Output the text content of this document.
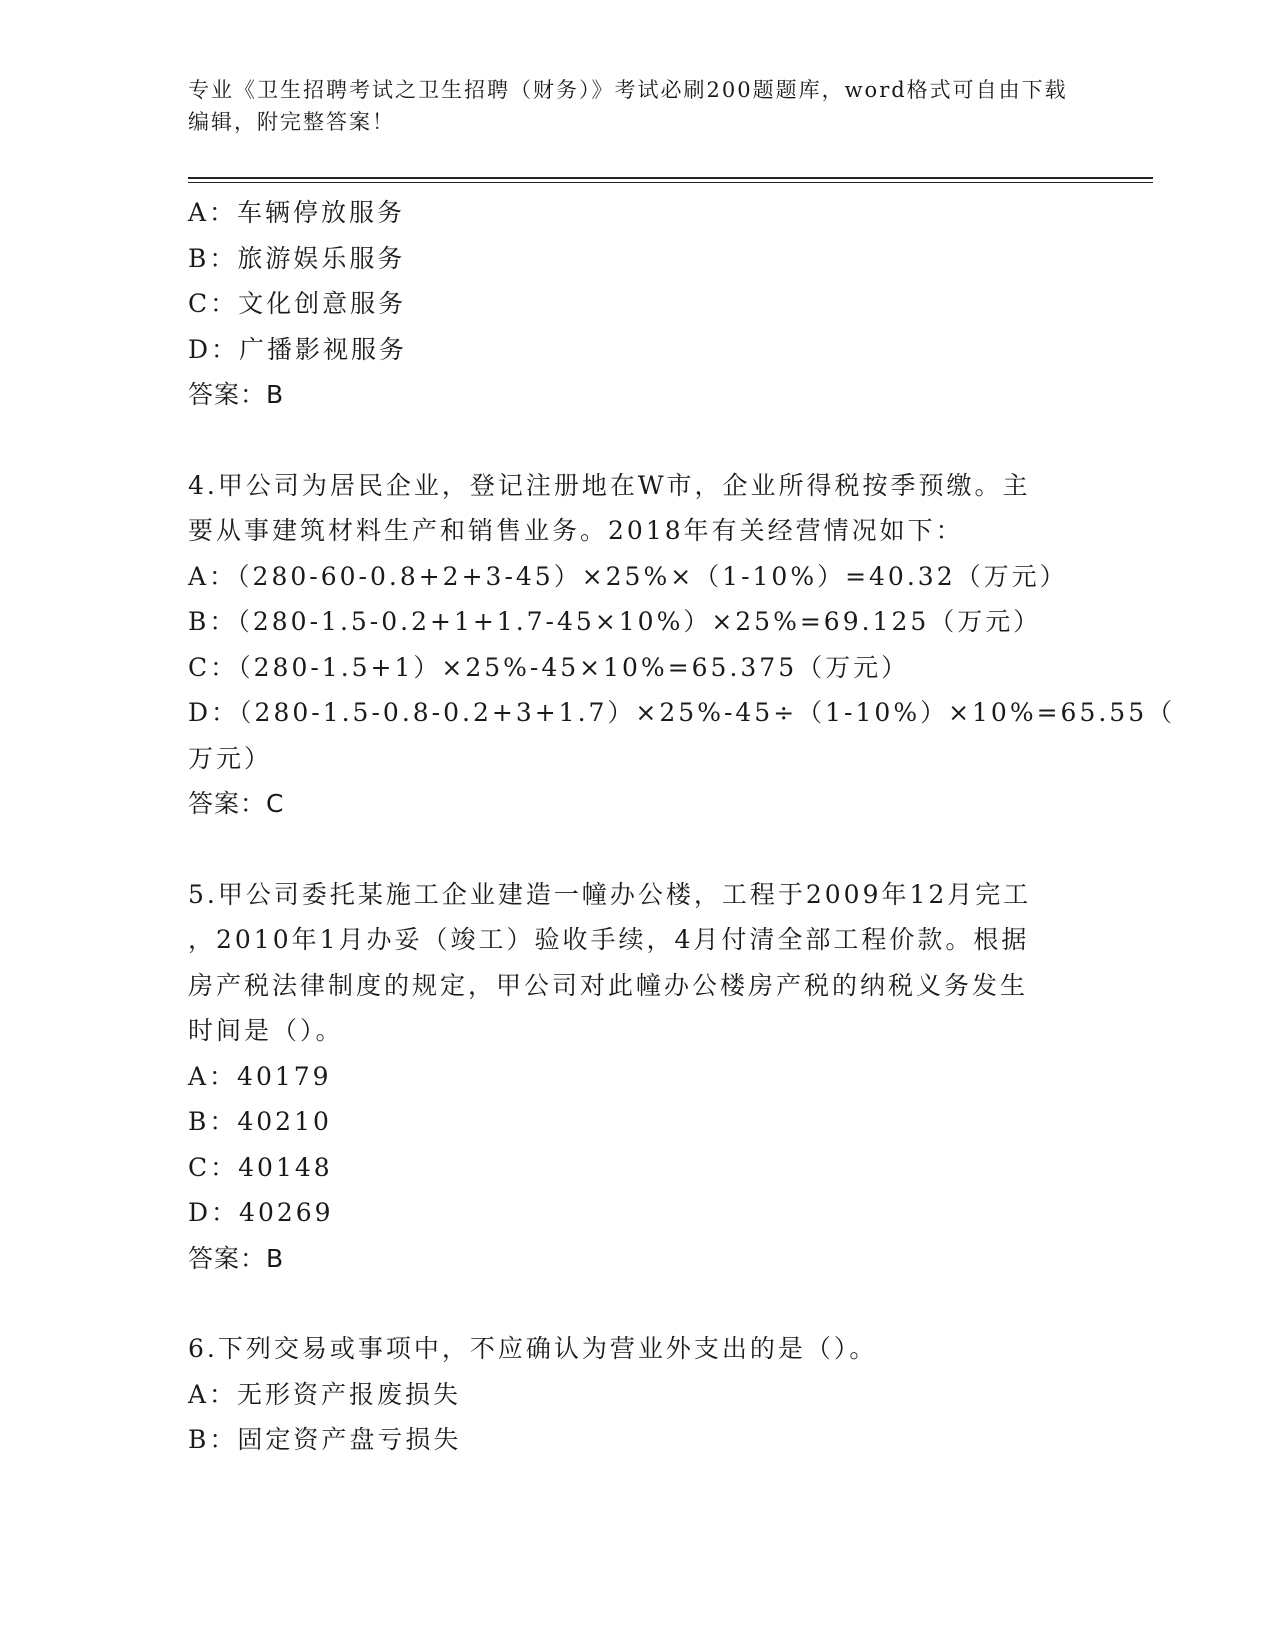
专业《卫生招聘考试之卫生招聘（财务）》考试必刷200题题库，word格式可自由下载编辑，附完整答案！
A：车辆停放服务
B：旅游娱乐服务
C：文化创意服务
D：广播影视服务
答案：B
4.甲公司为居民企业，登记注册地在W市，企业所得税按季预缴。主
要从事建筑材料生产和销售业务。2018年有关经营情况如下：
A：（280-60-0.8+2+3-45）×25%×（1-10%）=40.32（万元）
B：（280-1.5-0.2+1+1.7-45×10%）×25%=69.125（万元）
C：（280-1.5+1）×25%-45×10%=65.375（万元）
D：（280-1.5-0.8-0.2+3+1.7）×25%-45÷（1-10%）×10%=65.55（
万元）
答案：C
5.甲公司委托某施工企业建造一幢办公楼，工程于2009年12月完工
，2010年1月办妥（竣工）验收手续，4月付清全部工程价款。根据
房产税法律制度的规定，甲公司对此幢办公楼房产税的纳税义务发生
时间是（）。
A：40179
B：40210
C：40148
D：40269
答案：B
6.下列交易或事项中，不应确认为营业外支出的是（）。
A：无形资产报废损失
B：固定资产盘亏损失
